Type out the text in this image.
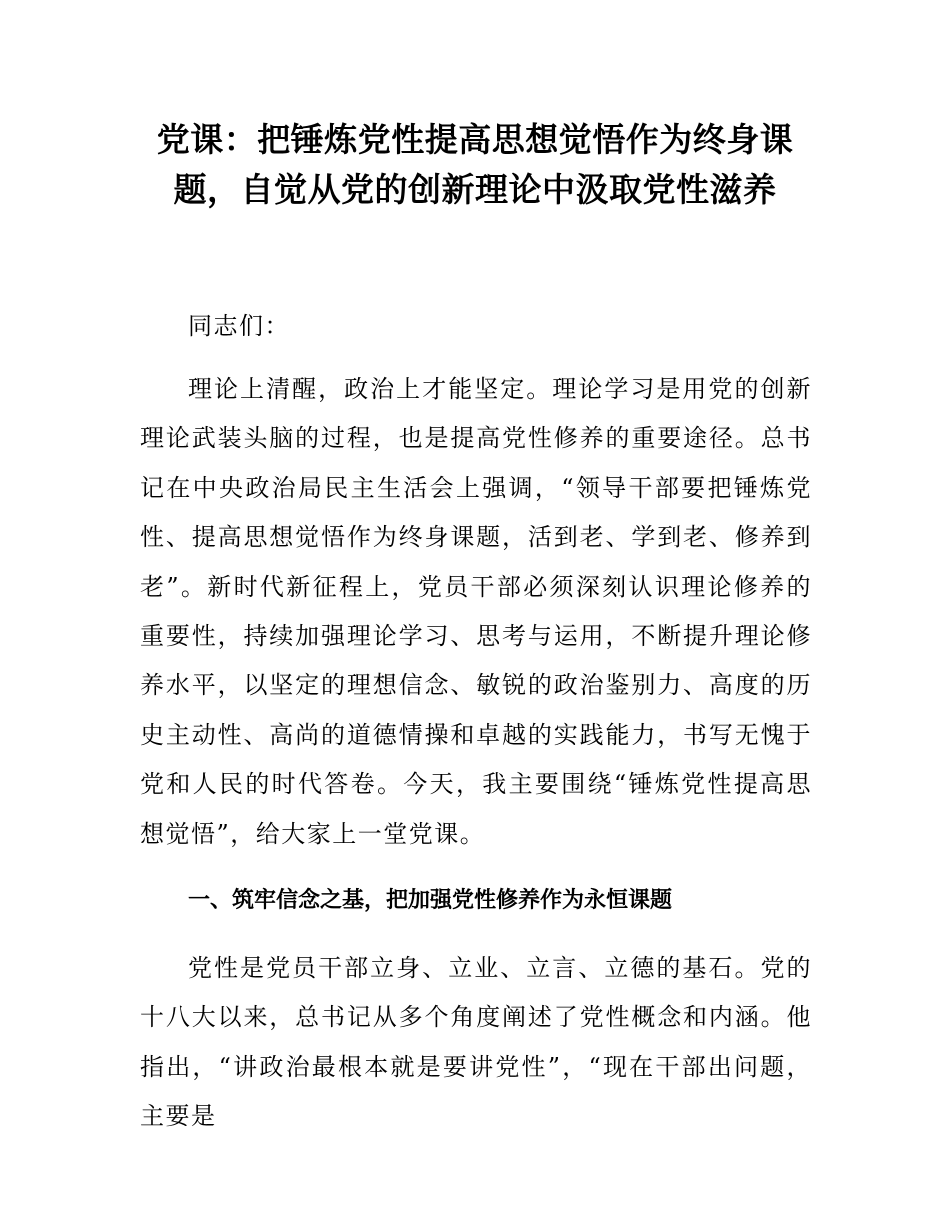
党课：把锤炼党性提高思想觉悟作为终身课
题，自觉从党的创新理论中汲取党性滋养

同志们：

理论上清醒，政治上才能坚定。理论学习是用党的创新理论武装头脑的过程，也是提高党性修养的重要途径。总书记在中央政治局民主生活会上强调，“领导干部要把锤炼党性、提高思想觉悟作为终身课题，活到老、学到老、修养到老”。新时代新征程上，党员干部必须深刻认识理论修养的重要性，持续加强理论学习、思考与运用，不断提升理论修养水平，以坚定的理想信念、敏锐的政治鉴别力、高度的历史主动性、高尚的道德情操和卓越的实践能力，书写无愧于党和人民的时代答卷。今天，我主要围绕“锤炼党性提高思想觉悟”，给大家上一堂党课。

一、筑牢信念之基，把加强党性修养作为永恒课题

党性是党员干部立身、立业、立言、立德的基石。党的十八大以来，总书记从多个角度阐述了党性概念和内涵。他指出，“讲政治最根本就是要讲党性”，“现在干部出问题，主要是
